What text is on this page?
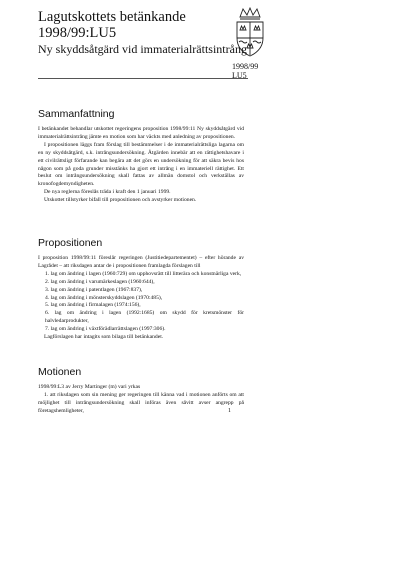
Lagutskottets betänkande
1998/99:LU5
Ny skyddsåtgärd vid immaterialrättsintrång
1998/99
LU5
Sammanfattning

I betänkandet behandlar utskottet regeringens proposition 1998/99:11 Ny skyddsåtgärd vid immaterialrättsintrång jämte en motion som har väckts med anledning av propositionen.

I propositionen läggs fram förslag till bestämmelser i de immaterialrättsliga lagarna om en ny skyddsåtgärd, s.k. intrångsundersökning. Åtgärden innebär att en rättighetshavare i ett civilrättsligt förfarande kan begära att det görs en undersökning för att säkra bevis hos någon som på goda grunder misstänks ha gjort ett intrång i en immateriell rättighet. Ett beslut om intrångsundersökning skall fattas av allmän domstol och verkställas av kronofogdemyndigheten.

De nya reglerna föreslås träda i kraft den 1 januari 1999.

Utskottet tillstyrker bifall till propositionen och avstyrker motionen.

Propositionen

I proposition 1998/99:11 föreslår regeringen (Justitiedepartementet) – efter hörande av Lagrådet – att riksdagen antar de i propositionen framlagda förslagen till

1. lag om ändring i lagen (1960:729) om upphovsrätt till litterära och konstnärliga verk,

2. lag om ändring i varumärkeslagen (1960:644),

3. lag om ändring i patentlagen (1967:837),

4. lag om ändring i mönsterskyddslagen (1970:485),

5. lag om ändring i firmalagen (1974:156),

6. lag om ändring i lagen (1992:1685) om skydd för kretsmönster för halvledarprodukter,

7. lag om ändring i växtförädlarrättslagen (1997:306).

Lagförslagen har intagits som bilaga till betänkandet.

Motionen

1998/99:L3 av Jerry Martinger (m) vari yrkas

1. att riksdagen som sin mening ger regeringen till känna vad i motionen anförts om att möjlighet till intrångsundersökning skall införas även såvitt avser angrepp på företagshemligheter,	1
